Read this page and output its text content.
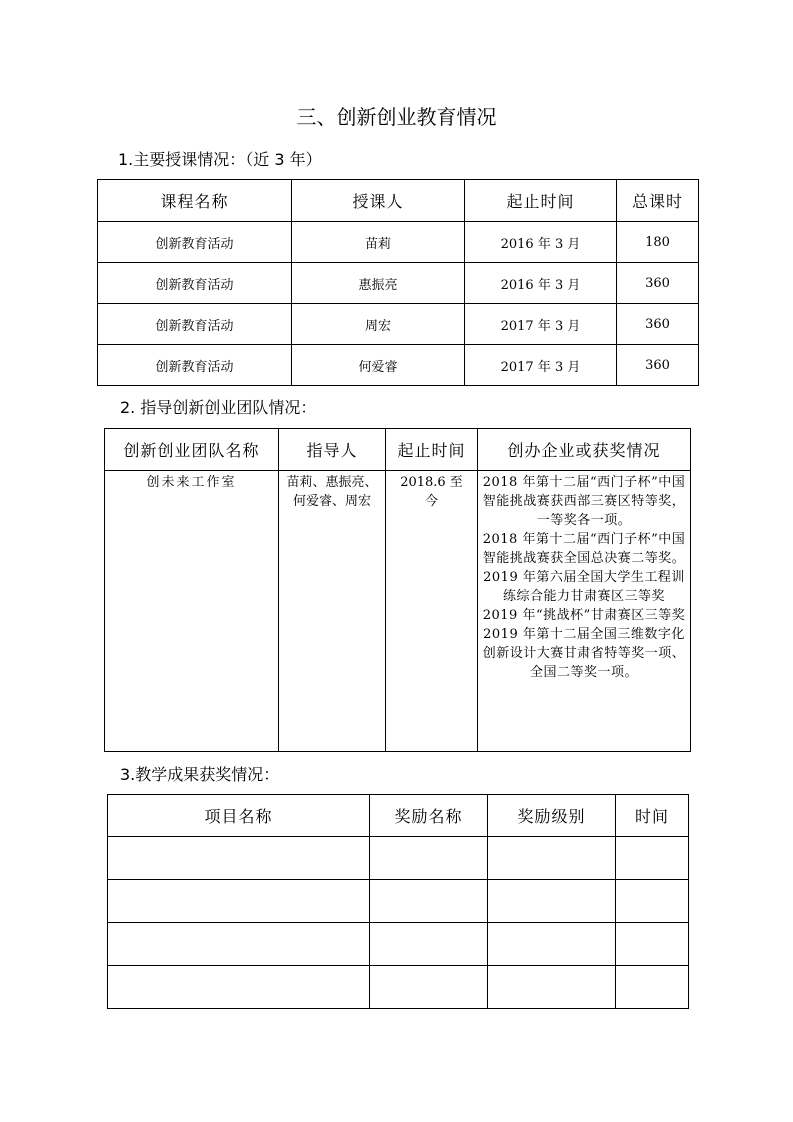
三、创新创业教育情况
1.主要授课情况：（近 3 年）
课程名称	授课人	起止时间	总课时
创新教育活动	苗莉	2016 年 3 月	180
创新教育活动	惠振亮	2016 年 3 月	360
创新教育活动	周宏	2017 年 3 月	360
创新教育活动	何爱睿	2017 年 3 月	360
2. 指导创新创业团队情况：
创新创业团队名称	指导人	起止时间	创办企业或获奖情况
创未来工作室	苗莉、惠振亮、何爱睿、周宏	2018.6 至今	2018 年第十二届“西门子杯”中国智能挑战赛获西部三赛区特等奖，一等奖各一项。
2018 年第十二届“西门子杯”中国智能挑战赛获全国总决赛二等奖。
2019 年第六届全国大学生工程训练综合能力甘肃赛区三等奖
2019 年“挑战杯”甘肃赛区三等奖
2019 年第十二届全国三维数字化创新设计大赛甘肃省特等奖一项、全国二等奖一项。
3.教学成果获奖情况：
项目名称	奖励名称	奖励级别	时间
